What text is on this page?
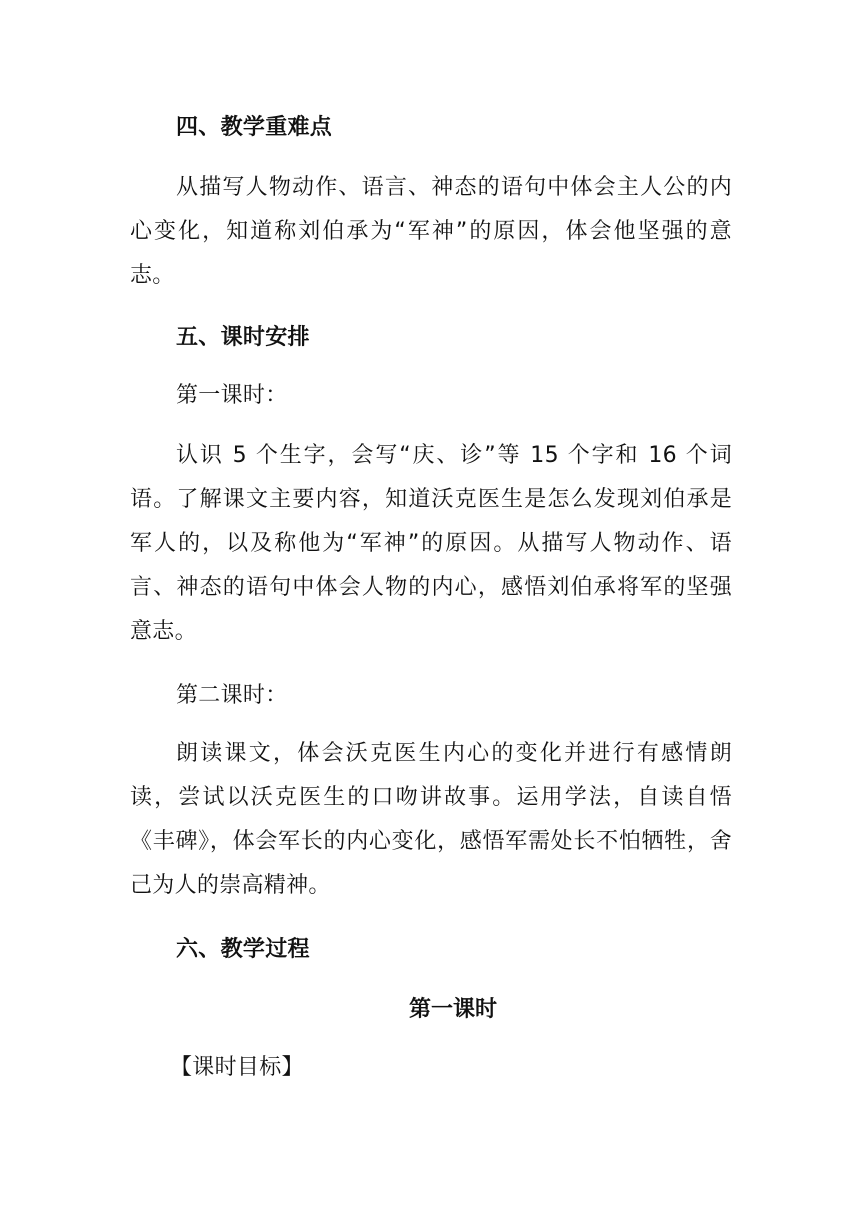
四、教学重难点

从描写人物动作、语言、神态的语句中体会主人公的内心变化，知道称刘伯承为“军神”的原因，体会他坚强的意志。

五、课时安排

第一课时：

认识 5 个生字，会写“庆、诊”等 15 个字和 16 个词语。了解课文主要内容，知道沃克医生是怎么发现刘伯承是军人的，以及称他为“军神”的原因。从描写人物动作、语言、神态的语句中体会人物的内心，感悟刘伯承将军的坚强意志。

第二课时：

朗读课文，体会沃克医生内心的变化并进行有感情朗读，尝试以沃克医生的口吻讲故事。运用学法，自读自悟《丰碑》，体会军长的内心变化，感悟军需处长不怕牺牲，舍己为人的崇高精神。

六、教学过程

第一课时

【课时目标】
